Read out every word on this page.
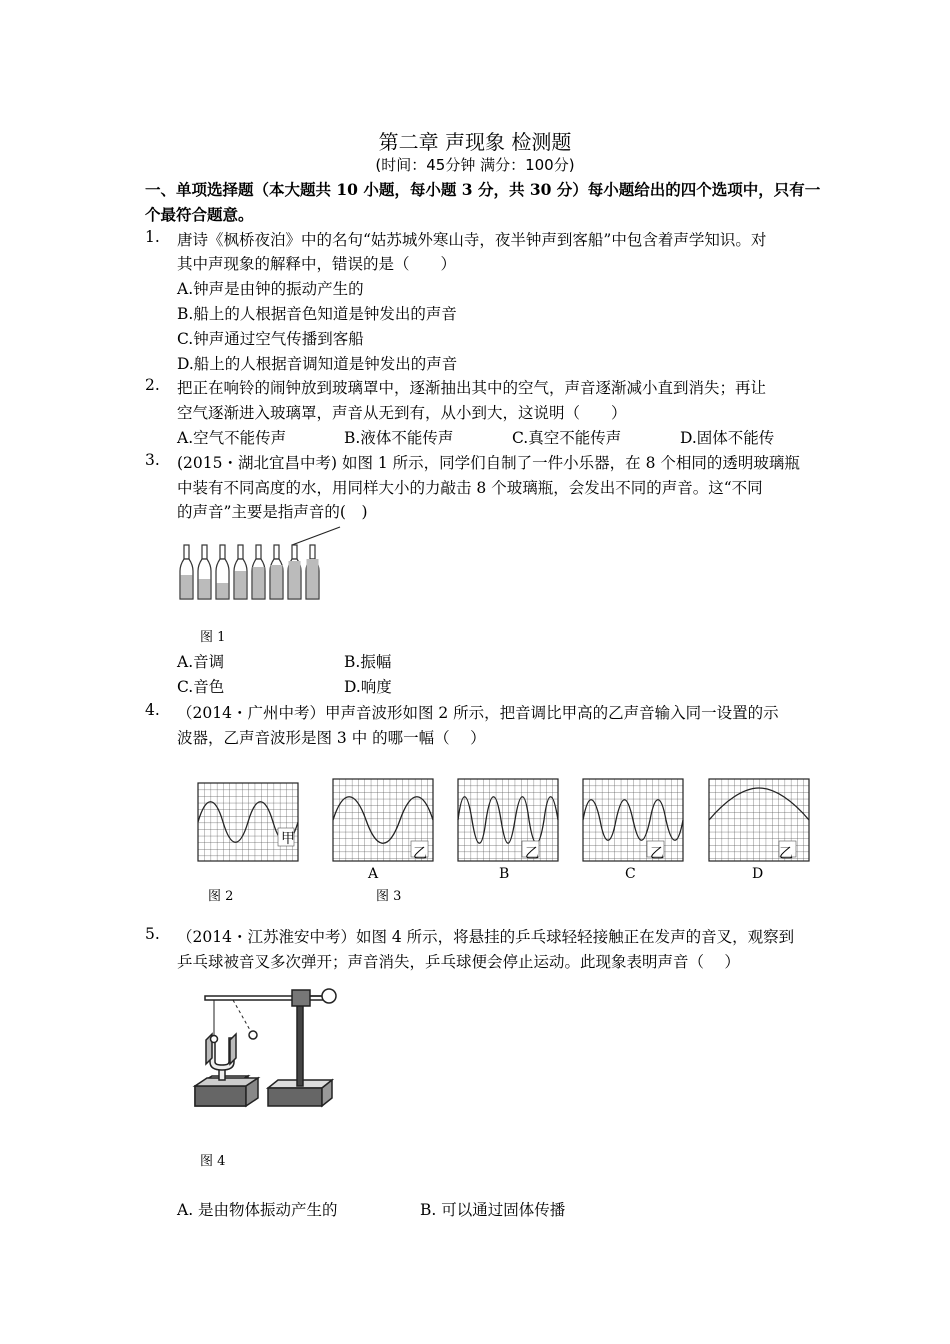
第二章 声现象 检测题
(时间：45分钟 满分：100分)
一、单项选择题（本大题共 10 小题，每小题 3 分，共 30 分）每小题给出的四个选项中，只有一
个最符合题意。
1. 唐诗《枫桥夜泊》中的名句“姑苏城外寒山寺，夜半钟声到客船”中包含着声学知识。对
其中声现象的解释中，错误的是（　　）
A.钟声是由钟的振动产生的
B.船上的人根据音色知道是钟发出的声音
C.钟声通过空气传播到客船
D.船上的人根据音调知道是钟发出的声音
2. 把正在响铃的闹钟放到玻璃罩中，逐渐抽出其中的空气，声音逐渐减小直到消失；再让
空气逐渐进入玻璃罩，声音从无到有，从小到大，这说明（　　）
A.空气不能传声	B.液体不能传声	C.真空不能传声	D.固体不能传
3. (2015・湖北宜昌中考) 如图 1 所示，同学们自制了一件小乐器，在 8 个相同的透明玻璃瓶
中装有不同高度的水，用同样大小的力敲击 8 个玻璃瓶，会发出不同的声音。这“不同
的声音”主要是指声音的(　)
图 1
A.音调	B.振幅
C.音色	D.响度
4. （2014・广州中考）甲声音波形如图 2 所示，把音调比甲高的乙声音输入同一设置的示
波器，乙声音波形是图 3 中 的哪一幅（　 ）
甲
乙	乙	乙	乙
A	B	C	D
图 2	图 3
5. （2014・江苏淮安中考）如图 4 所示，将悬挂的乒乓球轻轻接触正在发声的音叉，观察到
乒乓球被音叉多次弹开；声音消失，乒乓球便会停止运动。此现象表明声音（　 ）
图 4
A. 是由物体振动产生的	B. 可以通过固体传播
